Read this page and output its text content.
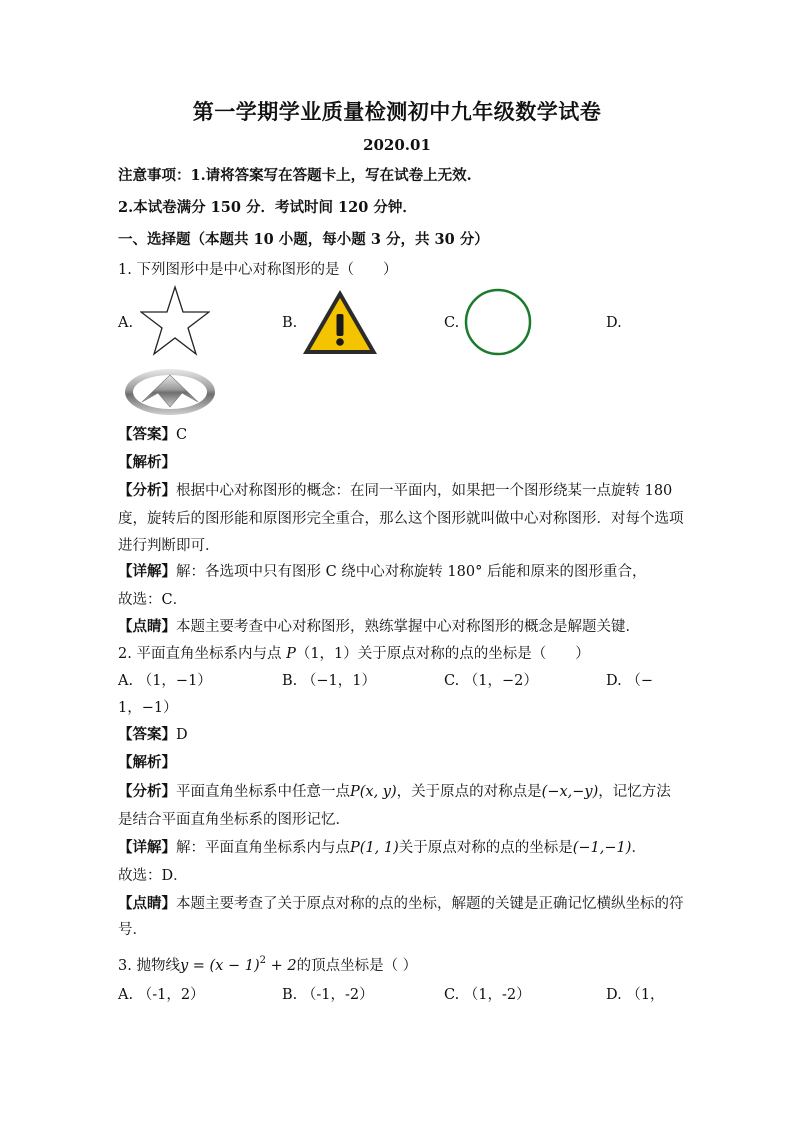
第一学期学业质量检测初中九年级数学试卷
2020.01
注意事项：1.请将答案写在答题卡上，写在试卷上无效.
2.本试卷满分 150 分．考试时间 120 分钟．
一、选择题（本题共 10 小题，每小题 3 分，共 30 分）
1. 下列图形中是中心对称图形的是（　　）
A.	B.	C.	D.
【答案】C
【解析】
【分析】根据中心对称图形的概念：在同一平面内，如果把一个图形绕某一点旋转 180
度，旋转后的图形能和原图形完全重合，那么这个图形就叫做中心对称图形．对每个选项
进行判断即可．
【详解】解：各选项中只有图形 C 绕中心对称旋转 180° 后能和原来的图形重合，
故选：C．
【点睛】本题主要考查中心对称图形，熟练掌握中心对称图形的概念是解题关键．
2. 平面直角坐标系内与点 P（1，1）关于原点对称的点的坐标是（　　）
A. （1，−1）	B. （−1，1）	C. （1，−2）	D. （−
1，−1）
【答案】D
【解析】
【分析】平面直角坐标系中任意一点P(x, y)，关于原点的对称点是(−x,−y)，记忆方法
是结合平面直角坐标系的图形记忆．
【详解】解：平面直角坐标系内与点P(1, 1)关于原点对称的点的坐标是(−1,−1)．
故选：D．
【点睛】本题主要考查了关于原点对称的点的坐标，解题的关键是正确记忆横纵坐标的符
号．
3. 抛物线$y = (x - 1)^2 + 2$的顶点坐标是（ ）
A. （-1，2）	B. （-1，-2）	C. （1，-2）	D. （1，
